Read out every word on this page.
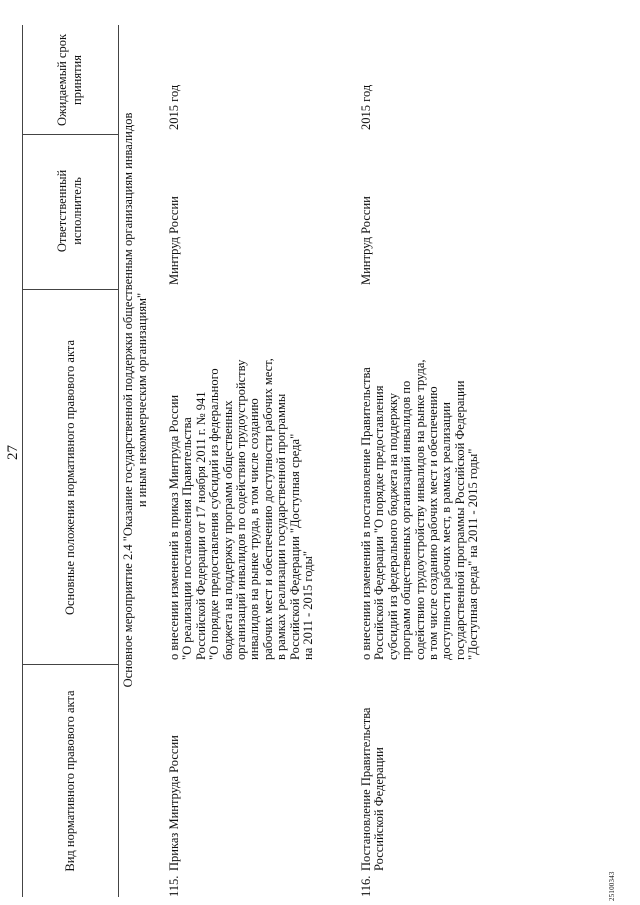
27
25100343
Вид нормативного правового акта
Основные положения нормативного правового акта
Ответственный исполнитель
Ожидаемый срок принятия
Основное мероприятие 2.4 "Оказание государственной поддержки общественным организациям инвалидов
и иным некоммерческим организациям"
115.
Приказ Минтруда России
о внесении изменений в приказ Минтруда России
"О реализации постановления Правительства
Российской Федерации от 17 ноября 2011 г. № 941
"О порядке предоставления субсидий из федерального
бюджета на поддержку программ общественных
организаций инвалидов по содействию трудоустройству
инвалидов на рынке труда, в том числе созданию
рабочих мест и обеспечению доступности рабочих мест,
в рамках реализации государственной программы
Российской Федерации "Доступная среда"
на 2011 - 2015 годы"
Минтруд России
2015 год
116.
Постановление Правительства
Российской Федерации
о внесении изменений в постановление Правительства
Российской Федерации "О порядке предоставления
субсидий из федерального бюджета на поддержку
программ общественных организаций инвалидов по
содействию трудоустройству инвалидов на рынке труда,
в том числе созданию рабочих мест и обеспечению
доступности рабочих мест, в рамках реализации
государственной программы Российской Федерации
"Доступная среда" на 2011 - 2015 годы"
Минтруд России
2015 год
